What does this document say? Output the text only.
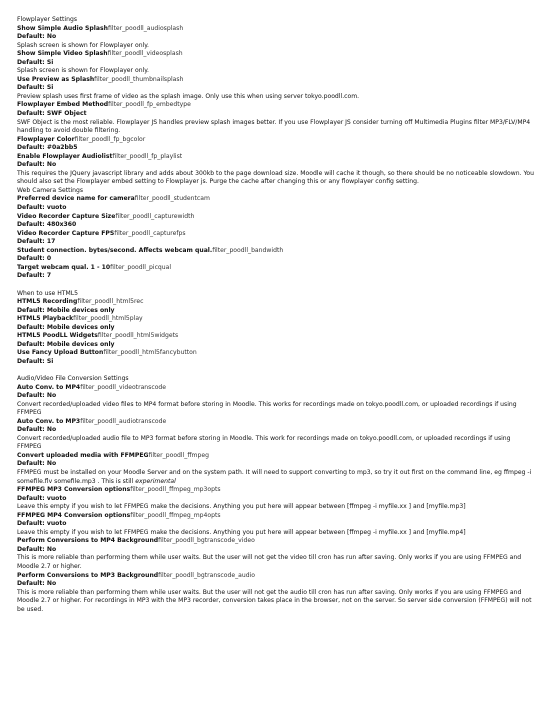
Flowplayer Settings
Show Simple Audio Splashfilter_poodll_audiosplash
Default: No
Splash screen is shown for Flowplayer only.
Show Simple Video Splashfilter_poodll_videosplash
Default: Si
Splash screen is shown for Flowplayer only.
Use Preview as Splashfilter_poodll_thumbnailsplash
Default: Si
Preview splash uses first frame of video as the splash image. Only use this when using server tokyo.poodll.com.
Flowplayer Embed Methodfilter_poodll_fp_embedtype
Default: SWF Object
SWF Object is the most reliable. Flowplayer JS handles preview splash images better. If you use Flowplayer JS consider turning off Multimedia Plugins filter MP3/FLV/MP4 handling to avoid double filtering.
Flowplayer Colorfilter_poodll_fp_bgcolor
Default: #0a2bb5
Enable Flowplayer Audiolistfilter_poodll_fp_playlist
Default: No
This requires the JQuery javascript library and adds about 300kb to the page download size. Moodle will cache it though, so there should be no noticeable slowdown. You should also set the Flowplayer embed setting to Flowplayer js. Purge the cache after changing this or any flowplayer config setting.
Web Camera Settings
Preferred device name for camerafilter_poodll_studentcam
Default: vuoto
Video Recorder Capture Sizefilter_poodll_capturewidth
Default: 480x360
Video Recorder Capture FPSfilter_poodll_capturefps
Default: 17
Student connection. bytes/second. Affects webcam qual.filter_poodll_bandwidth
Default: 0
Target webcam qual. 1 - 10filter_poodll_picqual
Default: 7
When to use HTML5
HTML5 Recordingfilter_poodll_html5rec
Default: Mobile devices only
HTML5 Playbackfilter_poodll_html5play
Default: Mobile devices only
HTML5 PoodLL Widgetsfilter_poodll_html5widgets
Default: Mobile devices only
Use Fancy Upload Buttonfilter_poodll_html5fancybutton
Default: Si
Audio/Video File Conversion Settings
Auto Conv. to MP4filter_poodll_videotranscode
Default: No
Convert recorded/uploaded video files to MP4 format before storing in Moodle. This works for recordings made on tokyo.poodll.com, or uploaded recordings if using FFMPEG
Auto Conv. to MP3filter_poodll_audiotranscode
Default: No
Convert recorded/uploaded audio file to MP3 format before storing in Moodle. This work for recordings made on tokyo.poodll.com, or uploaded recordings if using FFMPEG
Convert uploaded media with FFMPEGfilter_poodll_ffmpeg
Default: No
FFMPEG must be installed on your Moodle Server and on the system path. It will need to support converting to mp3, so try it out first on the command line, eg ffmpeg -i somefile.flv somefile.mp3 . This is still experimental
FFMPEG MP3 Conversion optionsfilter_poodll_ffmpeg_mp3opts
Default: vuoto
Leave this empty if you wish to let FFMPEG make the decisions. Anything you put here will appear between [ffmpeg -i myfile.xx ] and [myfile.mp3]
FFMPEG MP4 Conversion optionsfilter_poodll_ffmpeg_mp4opts
Default: vuoto
Leave this empty if you wish to let FFMPEG make the decisions. Anything you put here will appear between [ffmpeg -i myfile.xx ] and [myfile.mp4]
Perform Conversions to MP4 Backgroundfilter_poodll_bgtranscode_video
Default: No
This is more reliable than performing them while user waits. But the user will not get the video till cron has run after saving. Only works if you are using FFMPEG and Moodle 2.7 or higher.
Perform Conversions to MP3 Backgroundfilter_poodll_bgtranscode_audio
Default: No
This is more reliable than performing them while user waits. But the user will not get the audio till cron has run after saving. Only works if you are using FFMPEG and Moodle 2.7 or higher. For recordings in MP3 with the MP3 recorder, conversion takes place in the browser, not on the server. So server side conversion (FFMPEG) will not be used.
